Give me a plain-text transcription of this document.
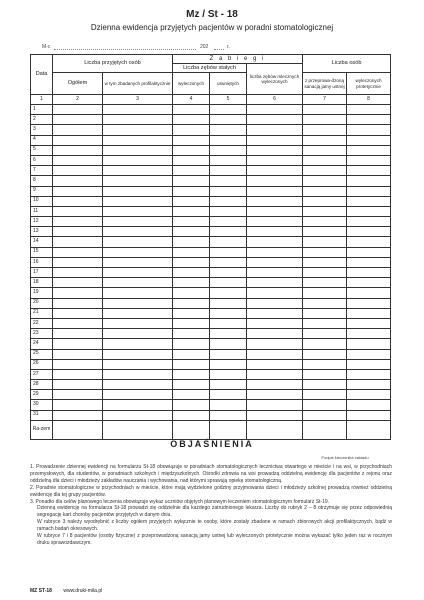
Mz / St - 18
Dzienna ewidencja przyjętych pacjentów w poradni stomatologicznej
M-c	202	r.
Data	Liczba przyjętych osób		Z a b i e g i			Liczba osób	
			Liczba zębów stałych		liczba zębów mlecznych wyleczonych		
	Ogółem	w tym zbadanych profilaktycznie	wyleczonych	usuniętych		z przeprowa-dzoną sanacją jamy ustnej	wyleczonych protetycznie
1	2	3	4	5	6	7	8
1							
2							
3							
4							
5							
6							
7							
8							
9							
10							
11							
12							
13							
14							
15							
16							
17							
18							
19							
20							
21							
22							
23							
24							
25							
26							
27							
28							
29							
30							
31							
Ra-zem							
OBJAŚNIENIA
Podpis kierownika zakładu

1. Prowadzenie dziennej ewidencji na formularzu St-18 obowiązuje w poradniach stomatologicznych lecznictwa otwartego w mieście i na wsi, w przychodniach przemysłowych, dla studentów, w poradniach szkolnych i międzyszkolnych. Ośrodki zdrowia na wsi prowadzą oddzielną ewidencję dla pacjentów z rejonu oraz oddzielną dla dzieci i młodzieży zakładów nauczania i wychowania, nad którymi sprawują opiekę stomatologiczną.

2. Poradnie stomatologiczne w przychodniach w mieście, które mają wydzielone godziny przyjmowania dzieci i młodzieży szkolnej prowadzą również oddzielną ewidencję dla tej grupy pacjentów.

3. Ponadto dla celów planowego leczenia obowiązuje wykaz uczniów objętych planowym leczeniem stomatologicznym formularz St-19.

Dzienną ewidencję na formularza St-18 prowadzi się oddzielnie dla każdego zatrudnionego lekarza. Liczby do rubryk 2 – 8 otrzymuje się przez odpowiednią segregację kart choroby pacjentów przyjętych w danym dniu.

W rubryce 3 należy wyodrębnić z liczby ogółem przyjętych wyłącznie te osoby, które zostały zbadane w ramach zbiorowych akcji profilaktycznych, bądź w ramach badań okresowych.

W rubryce 7 i 8 pacjentów (osoby fizyczne) z przeprowadzoną sanacją jamy ustnej lub wyleczonych protetycznie można wykazać tylko jeden raz w rocznym druku sprawozdawczym.

MZ ST-18 www.druki-mila.pl
